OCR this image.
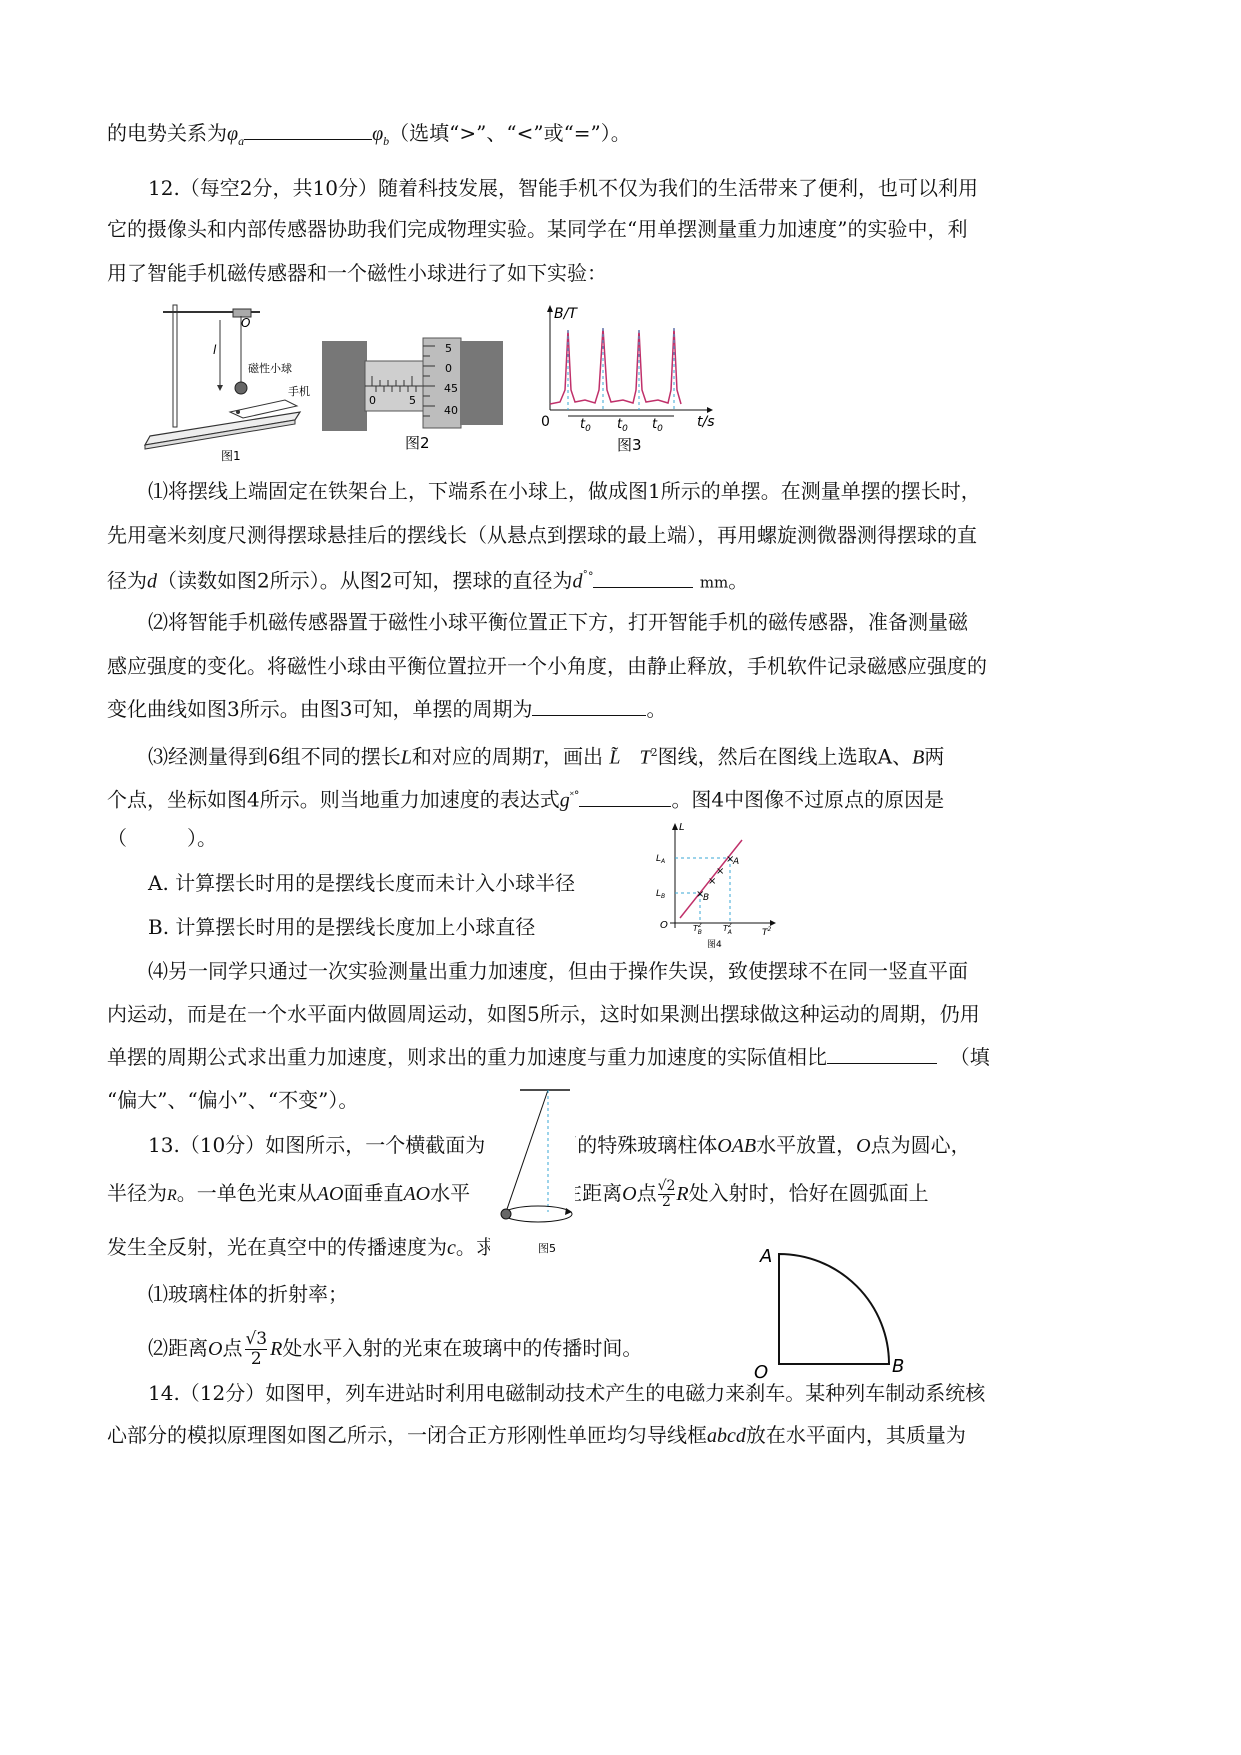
的电势关系为$\varphi_a$	$\varphi_b$（选填“>”、“<”或“=”）。
12.（每空2分，共10分）随着科技发展，智能手机不仅为我们的生活带来了便利，也可以利用
它的摄像头和内部传感器协助我们完成物理实验。某同学在“用单摆测量重力加速度”的实验中，利
用了智能手机磁传感器和一个磁性小球进行了如下实验：
O
l
磁性小球
手机
图1
5
0
45
40
0	5
图2
B/T
t/s
0 $t_0$ $t_0$ $t_0$
图3
⑴将摆线上端固定在铁架台上，下端系在小球上，做成图1所示的单摆。在测量单摆的摆长时，
先用毫米刻度尺测得摆球悬挂后的摆线长（从悬点到摆球的最上端），再用螺旋测微器测得摆球的直
径为d（读数如图2所示）。从图2可知，摆球的直径为d˚°	mm。
⑵将智能手机磁传感器置于磁性小球平衡位置正下方，打开智能手机的磁传感器，准备测量磁
感应强度的变化。将磁性小球由平衡位置拉开一个小角度，由静止释放，手机软件记录磁感应强度的
变化曲线如图3所示。由图3可知，单摆的周期为	。
⑶经测量得到6组不同的摆长L和对应的周期T，画出 L̃ $T^2$图线，然后在图线上选取A、B两
个点，坐标如图4所示。则当地重力加速度的表达式g˟°	。图4中图像不过原点的原因是
（　　　）。
A. 计算摆长时用的是摆线长度而未计入小球半径
B. 计算摆长时用的是摆线长度加上小球直径
×
×
×
×
L
$L_A$
$L_B$
A
B
O	$T^2$ B	$T^2$ A	$T^2$
图4
⑷另一同学只通过一次实验测量出重力加速度，但由于操作失误，致使摆球不在同一竖直平面
内运动，而是在一个水平面内做圆周运动，如图5所示，这时如果测出摆球做这种运动的周期，仍用
单摆的周期公式求出重力加速度，则求出的重力加速度与重力加速度的实际值相比	（填
“偏大”、“偏小”、“不变”）。
13.（10分）如图所示，一个横截面为	圆的特殊玻璃柱体OAB水平放置，O点为圆心，
半径为R。一单色光束从AO面垂直AO水平	光束在距离O点 $\frac{√2}{2}$ R处入射时，恰好在圆弧面上
发生全反射，光在真空中的传播速度为c。求	图5	A
O	B
⑴玻璃柱体的折射率；
⑵距离O点 $\frac{√3}{2}$ R处水平入射的光束在玻璃中的传播时间。
14.（12分）如图甲，列车进站时利用电磁制动技术产生的电磁力来刹车。某种列车制动系统核
心部分的模拟原理图如图乙所示，一闭合正方形刚性单匝均匀导线框abcd放在水平面内，其质量为
